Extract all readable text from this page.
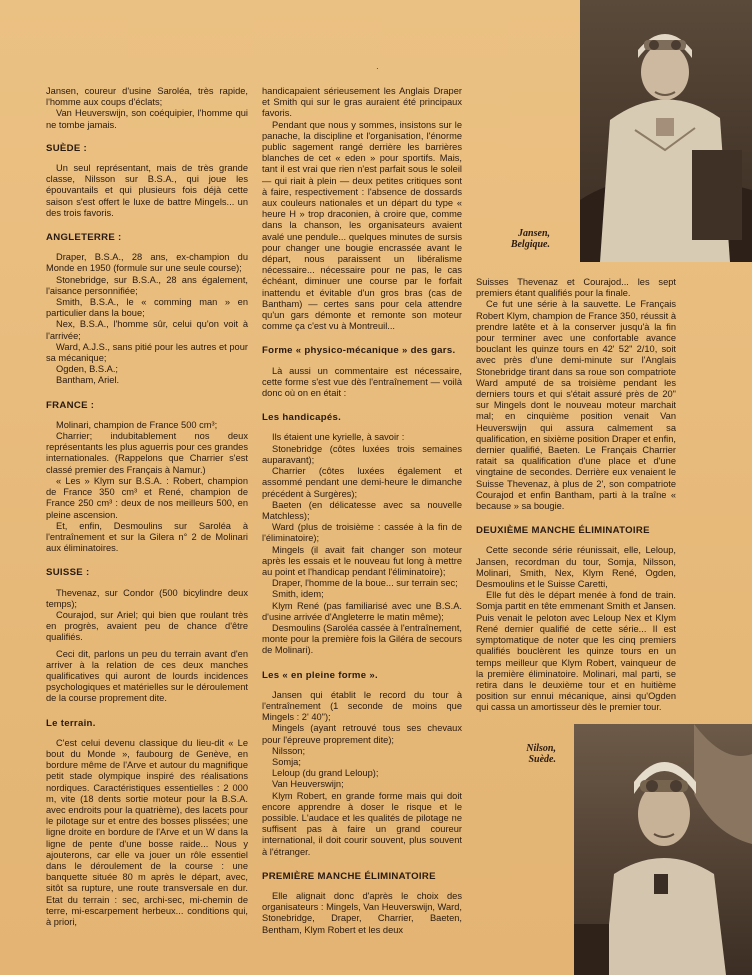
·

Jansen, coureur d'usine Saroléa, très rapide, l'homme aux coups d'éclats;

Van Heuverswijn, son coéquipier, l'homme qui ne tombe jamais.

SUÈDE :

Un seul représentant, mais de très grande classe, Nilsson sur B.S.A., qui joue les épouvantails et qui plusieurs fois déjà cette saison s'est offert le luxe de battre Mingels... un des trois favoris.

ANGLETERRE :

Draper, B.S.A., 28 ans, ex-champion du Monde en 1950 (formule sur une seule course);

Stonebridge, sur B.S.A., 28 ans également, l'aisance personnifiée;

Smith, B.S.A., le « comming man » en particulier dans la boue;

Nex, B.S.A., l'homme sûr, celui qu'on voit à l'arrivée;

Ward, A.J.S., sans pitié pour les autres et pour sa mécanique;

Ogden, B.S.A.;

Bantham, Ariel.

FRANCE :

Molinari, champion de France 500 cm³;

Charrier; indubitablement nos deux représentants les plus aguerris pour ces grandes internationales. (Rappelons que Charrier s'est classé premier des Français à Namur.)

« Les » Klym sur B.S.A. : Robert, champion de France 350 cm³ et René, champion de France 250 cm³ : deux de nos meilleurs 500, en pleine ascension.

Et, enfin, Desmoulins sur Saroléa à l'entraînement et sur la Gilera n° 2 de Molinari aux éliminatoires.

SUISSE :

Thevenaz, sur Condor (500 bicylindre deux temps);

Courajod, sur Ariel; qui bien que roulant très en progrès, avaient peu de chance d'être qualifiés.

Ceci dit, parlons un peu du terrain avant d'en arriver à la relation de ces deux manches qualificatives qui auront de lourds incidences psychologiques et matérielles sur le déroulement de la course proprement dite.

Le terrain.

C'est celui devenu classique du lieu-dit « Le bout du Monde », faubourg de Genève, en bordure même de l'Arve et autour du magnifique petit stade olympique inspiré des réalisations nordiques. Caractéristiques essentielles : 2 000 m, vite (18 dents sortie moteur pour la B.S.A. avec endroits pour la quatrième), des lacets pour le pilotage sur et entre des bosses plissées; une ligne droite en bordure de l'Arve et un W dans la ligne de pente d'une bosse raide... Nous y ajouterons, car elle va jouer un rôle essentiel dans le déroulement de la course : une banquette située 80 m après le départ, avec, sitôt sa rupture, une route transversale en dur. Etat du terrain : sec, archi-sec, mi-chemin de terre, mi-escarpement herbeux... conditions qui, à priori,

handicapaient sérieusement les Anglais Draper et Smith qui sur le gras auraient été principaux favoris.

Pendant que nous y sommes, insistons sur le panache, la discipline et l'organisation, l'énorme public sagement rangé derrière les barrières blanches de cet « eden » pour sportifs. Mais, tant il est vrai que rien n'est parfait sous le soleil — qui riait à plein — deux petites critiques sont à faire, respectivement : l'absence de dossards aux couleurs nationales et un départ du type « heure H » trop draconien, à croire que, comme dans la chanson, les organisateurs avaient avalé une pendule... quelques minutes de sursis pour changer une bougie encrassée avant le départ, nous paraissent un libéralisme nécessaire... nécessaire pour ne pas, le cas échéant, diminuer une course par le forfait inattendu et évitable d'un gros bras (cas de Bantham) — certes sans pour cela attendre qu'un gars démonte et remonte son moteur comme ça c'est vu à Montreuil...

Forme « physico-mécanique » des gars.

Là aussi un commentaire est nécessaire, cette forme s'est vue dès l'entraînement — voilà donc où on en était :

Les handicapés.

Ils étaient une kyrielle, à savoir :

Stonebridge (côtes luxées trois semaines auparavant);

Charrier (côtes luxées également et assommé pendant une demi-heure le dimanche précédent à Surgères);

Baeten (en délicatesse avec sa nouvelle Matchless);

Ward (plus de troisième : cassée à la fin de l'éliminatoire);

Mingels (il avait fait changer son moteur après les essais et le nouveau fut long à mettre au point et l'handicap pendant l'éliminatoire);

Draper, l'homme de la boue... sur terrain sec;

Smith, idem;

Klym René (pas familiarisé avec une B.S.A. d'usine arrivée d'Angleterre le matin même);

Desmoulins (Saroléa cassée à l'entraînement, monte pour la première fois la Giléra de secours de Molinari).

Les « en pleine forme ».

Jansen qui établit le record du tour à l'entraînement (1 seconde de moins que Mingels : 2' 40");

Mingels (ayant retrouvé tous ses chevaux pour l'épreuve proprement dite);

Nilsson;

Somja;

Leloup (du grand Leloup);

Van Heuverswijn;

Klym Robert, en grande forme mais qui doit encore apprendre à doser le risque et le possible. L'audace et les qualités de pilotage ne suffisent pas à faire un grand coureur international, il doit courir souvent, plus souvent à l'étranger.

PREMIÈRE MANCHE ÉLIMINATOIRE

Elle alignait donc d'après le choix des organisateurs : Mingels, Van Heuverswijn, Ward, Stonebridge, Draper, Charrier, Baeten, Bentham, Klym Robert et les deux

Suisses Thevenaz et Courajod... les sept premiers étant qualifiés pour la finale.

Ce fut une série à la sauvette. Le Français Robert Klym, champion de France 350, réussit à prendre latête et à la conserver jusqu'à la fin pour terminer avec une confortable avance bouclant les quinze tours en 42' 52" 2/10, soit avec près d'une demi-minute sur l'Anglais Stonebridge tirant dans sa roue son compatriote Ward amputé de sa troisième pendant les derniers tours et qui s'était assuré près de 20" sur Mingels dont le nouveau moteur marchait mal; en cinquième position venait Van Heuverswijn qui assura calmement sa qualification, en sixième position Draper et enfin, dernier qualifié, Baeten. Le Français Charrier ratait sa qualification d'une place et d'une vingtaine de secondes. Derrière eux venaient le Suisse Thevenaz, à plus de 2', son compatriote Courajod et enfin Bantham, parti à la traîne « because » sa bougie.

DEUXIÈME MANCHE ÉLIMINATOIRE

Cette seconde série réunissait, elle, Leloup, Jansen, recordman du tour, Somja, Nilsson, Molinari, Smith, Nex, Klym René, Ogden, Desmoulins et le Suisse Caretti,

Elle fut dès le départ menée à fond de train. Somja partit en tête emmenant Smith et Jansen. Puis venait le peloton avec Leloup Nex et Klym René dernier qualifié de cette série... Il est symptomatique de noter que les cinq premiers qualifiés bouclèrent les quinze tours en un temps meilleur que Klym Robert, vainqueur de la première éliminatoire. Molinari, mal parti, se retira dans le deuxième tour et en huitième position sur ennui mécanique, ainsi qu'Ogden qui cassa un amortisseur dès le premier tour.

Jansen,
Belgique.
Nilson,
Suède.
